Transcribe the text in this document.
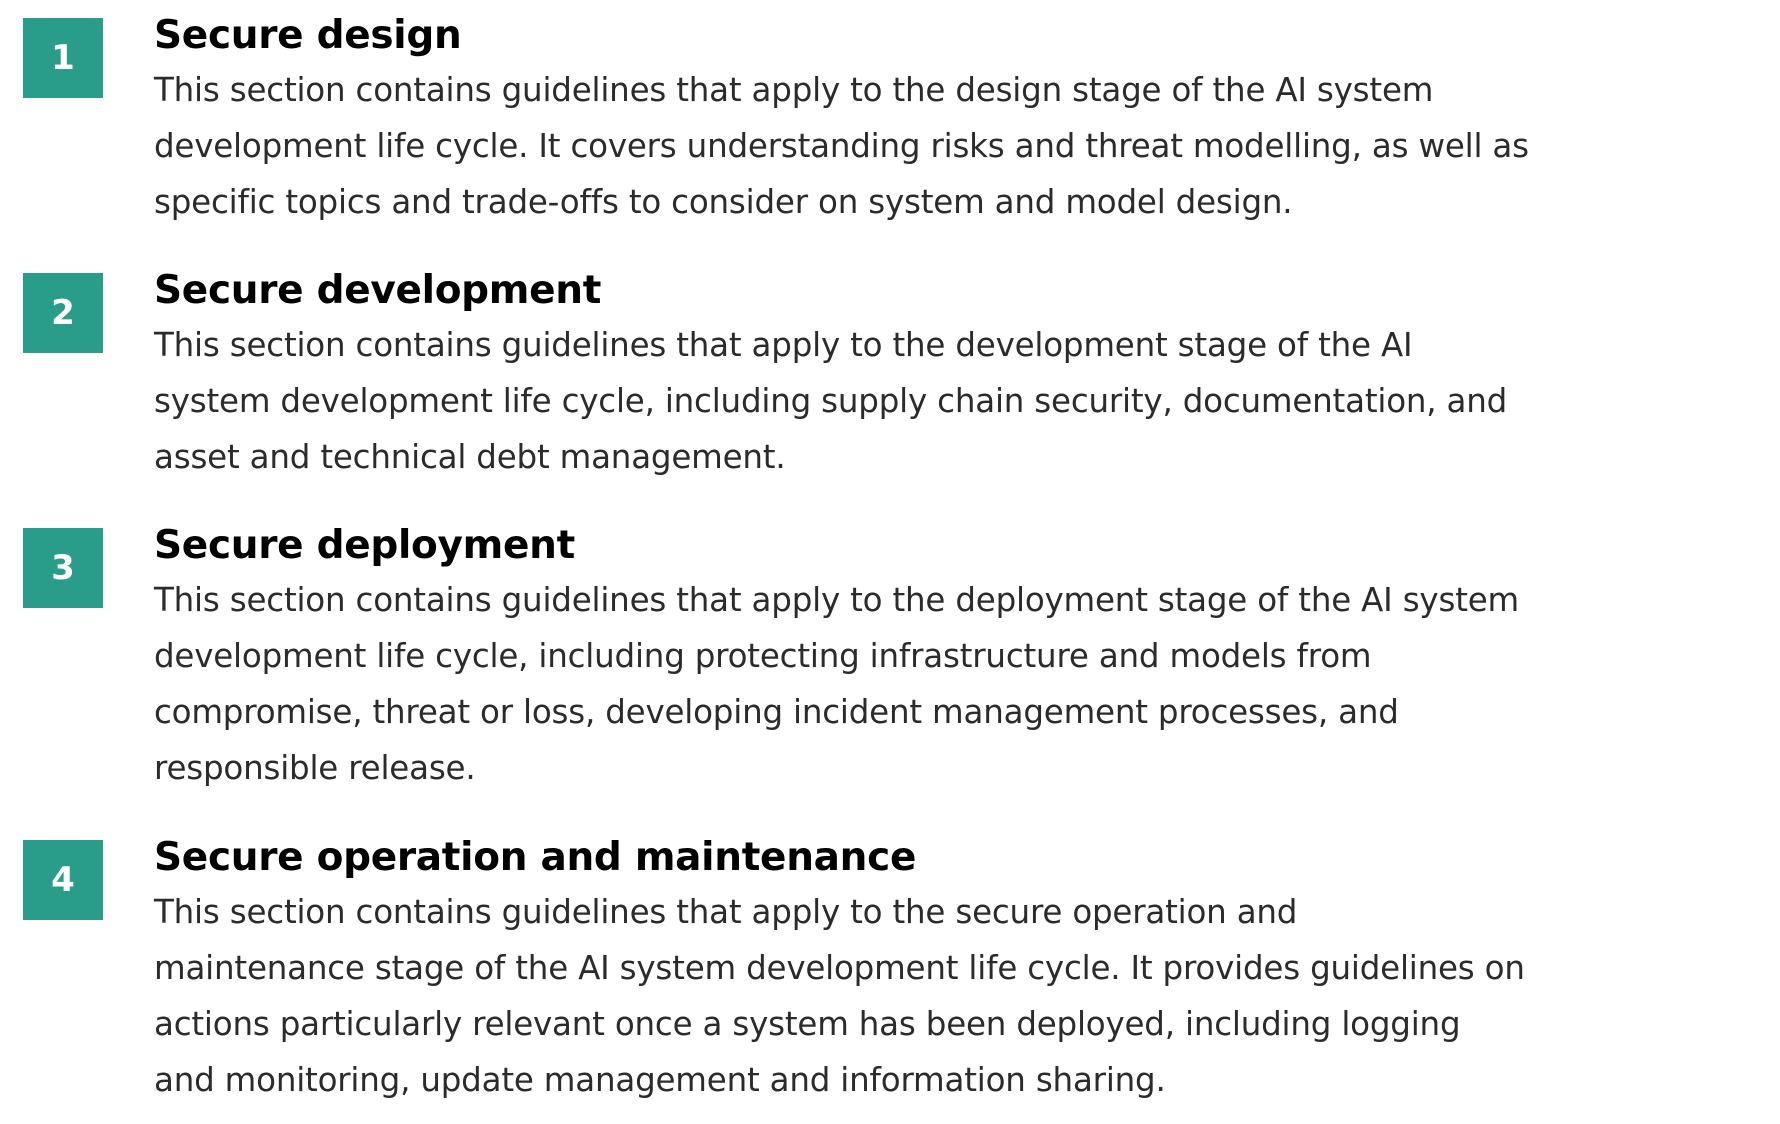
1	Secure design
This section contains guidelines that apply to the design stage of the AI system
development life cycle. It covers understanding risks and threat modelling, as well as
specific topics and trade-offs to consider on system and model design.
2	Secure development
This section contains guidelines that apply to the development stage of the AI
system development life cycle, including supply chain security, documentation, and
asset and technical debt management.
3	Secure deployment
This section contains guidelines that apply to the deployment stage of the AI system
development life cycle, including protecting infrastructure and models from
compromise, threat or loss, developing incident management processes, and
responsible release.
4	Secure operation and maintenance
This section contains guidelines that apply to the secure operation and
maintenance stage of the AI system development life cycle. It provides guidelines on
actions particularly relevant once a system has been deployed, including logging
and monitoring, update management and information sharing.
